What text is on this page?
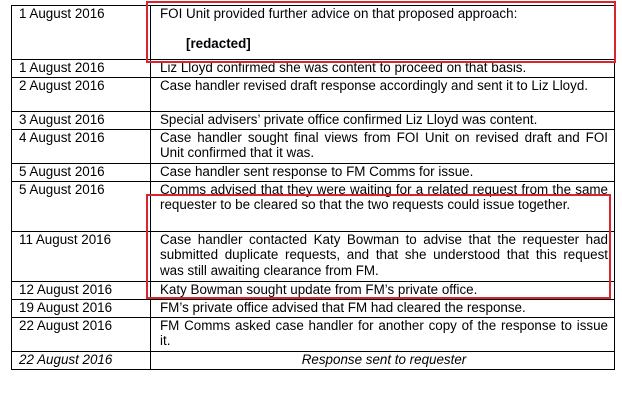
1 August 2016	FOI Unit provided further advice on that proposed approach:
[redacted]

1 August 2016	Liz Lloyd confirmed she was content to proceed on that basis.
2 August 2016	Case handler revised draft response accordingly and sent it to Liz Lloyd.
3 August 2016	Special advisers’ private office confirmed Liz Lloyd was content.
4 August 2016	Case handler sought final views from FOI Unit on revised draft and FOI Unit confirmed that it was.
5 August 2016	Case handler sent response to FM Comms for issue.
5 August 2016	Comms advised that they were waiting for a related request from the same requester to be cleared so that the two requests could issue together.
11 August 2016	Case handler contacted Katy Bowman to advise that the requester had submitted duplicate requests, and that she understood that this request was still awaiting clearance from FM.
12 August 2016	Katy Bowman sought update from FM’s private office.
19 August 2016	FM’s private office advised that FM had cleared the response.
22 August 2016	FM Comms asked case handler for another copy of the response to issue it.
22 August 2016	Response sent to requester
